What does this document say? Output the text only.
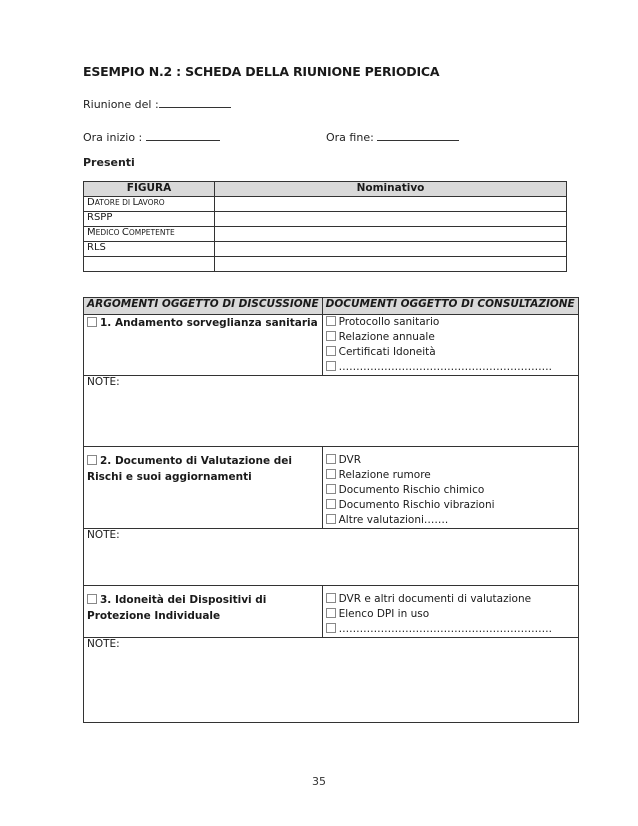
ESEMPIO N.2 : SCHEDA DELLA RIUNIONE PERIODICA
Riunione del :
Ora inizio :	Ora fine:
Presenti
FIGURA	Nominativo
DATORE DI LAVORO	
RSPP	
MEDICO COMPETENTE	
RLS	

ARGOMENTI OGGETTO DI DISCUSSIONE	DOCUMENTI OGGETTO DI CONSULTAZIONE
1. Andamento sorveglianza sanitaria	Protocollo sanitario
Relazione annuale
Certificati Idoneità
…………………………………………………….

NOTE:	
2. Documento di Valutazione dei Rischi e suoi aggiornamenti	DVR
Relazione rumore
Documento Rischio chimico
Documento Rischio vibrazioni
Altre valutazioni…….

NOTE:	
3. Idoneità dei Dispositivi di Protezione Individuale	DVR e altri documenti di valutazione
Elenco DPI in uso
…………………………………………………….

NOTE:	
35
